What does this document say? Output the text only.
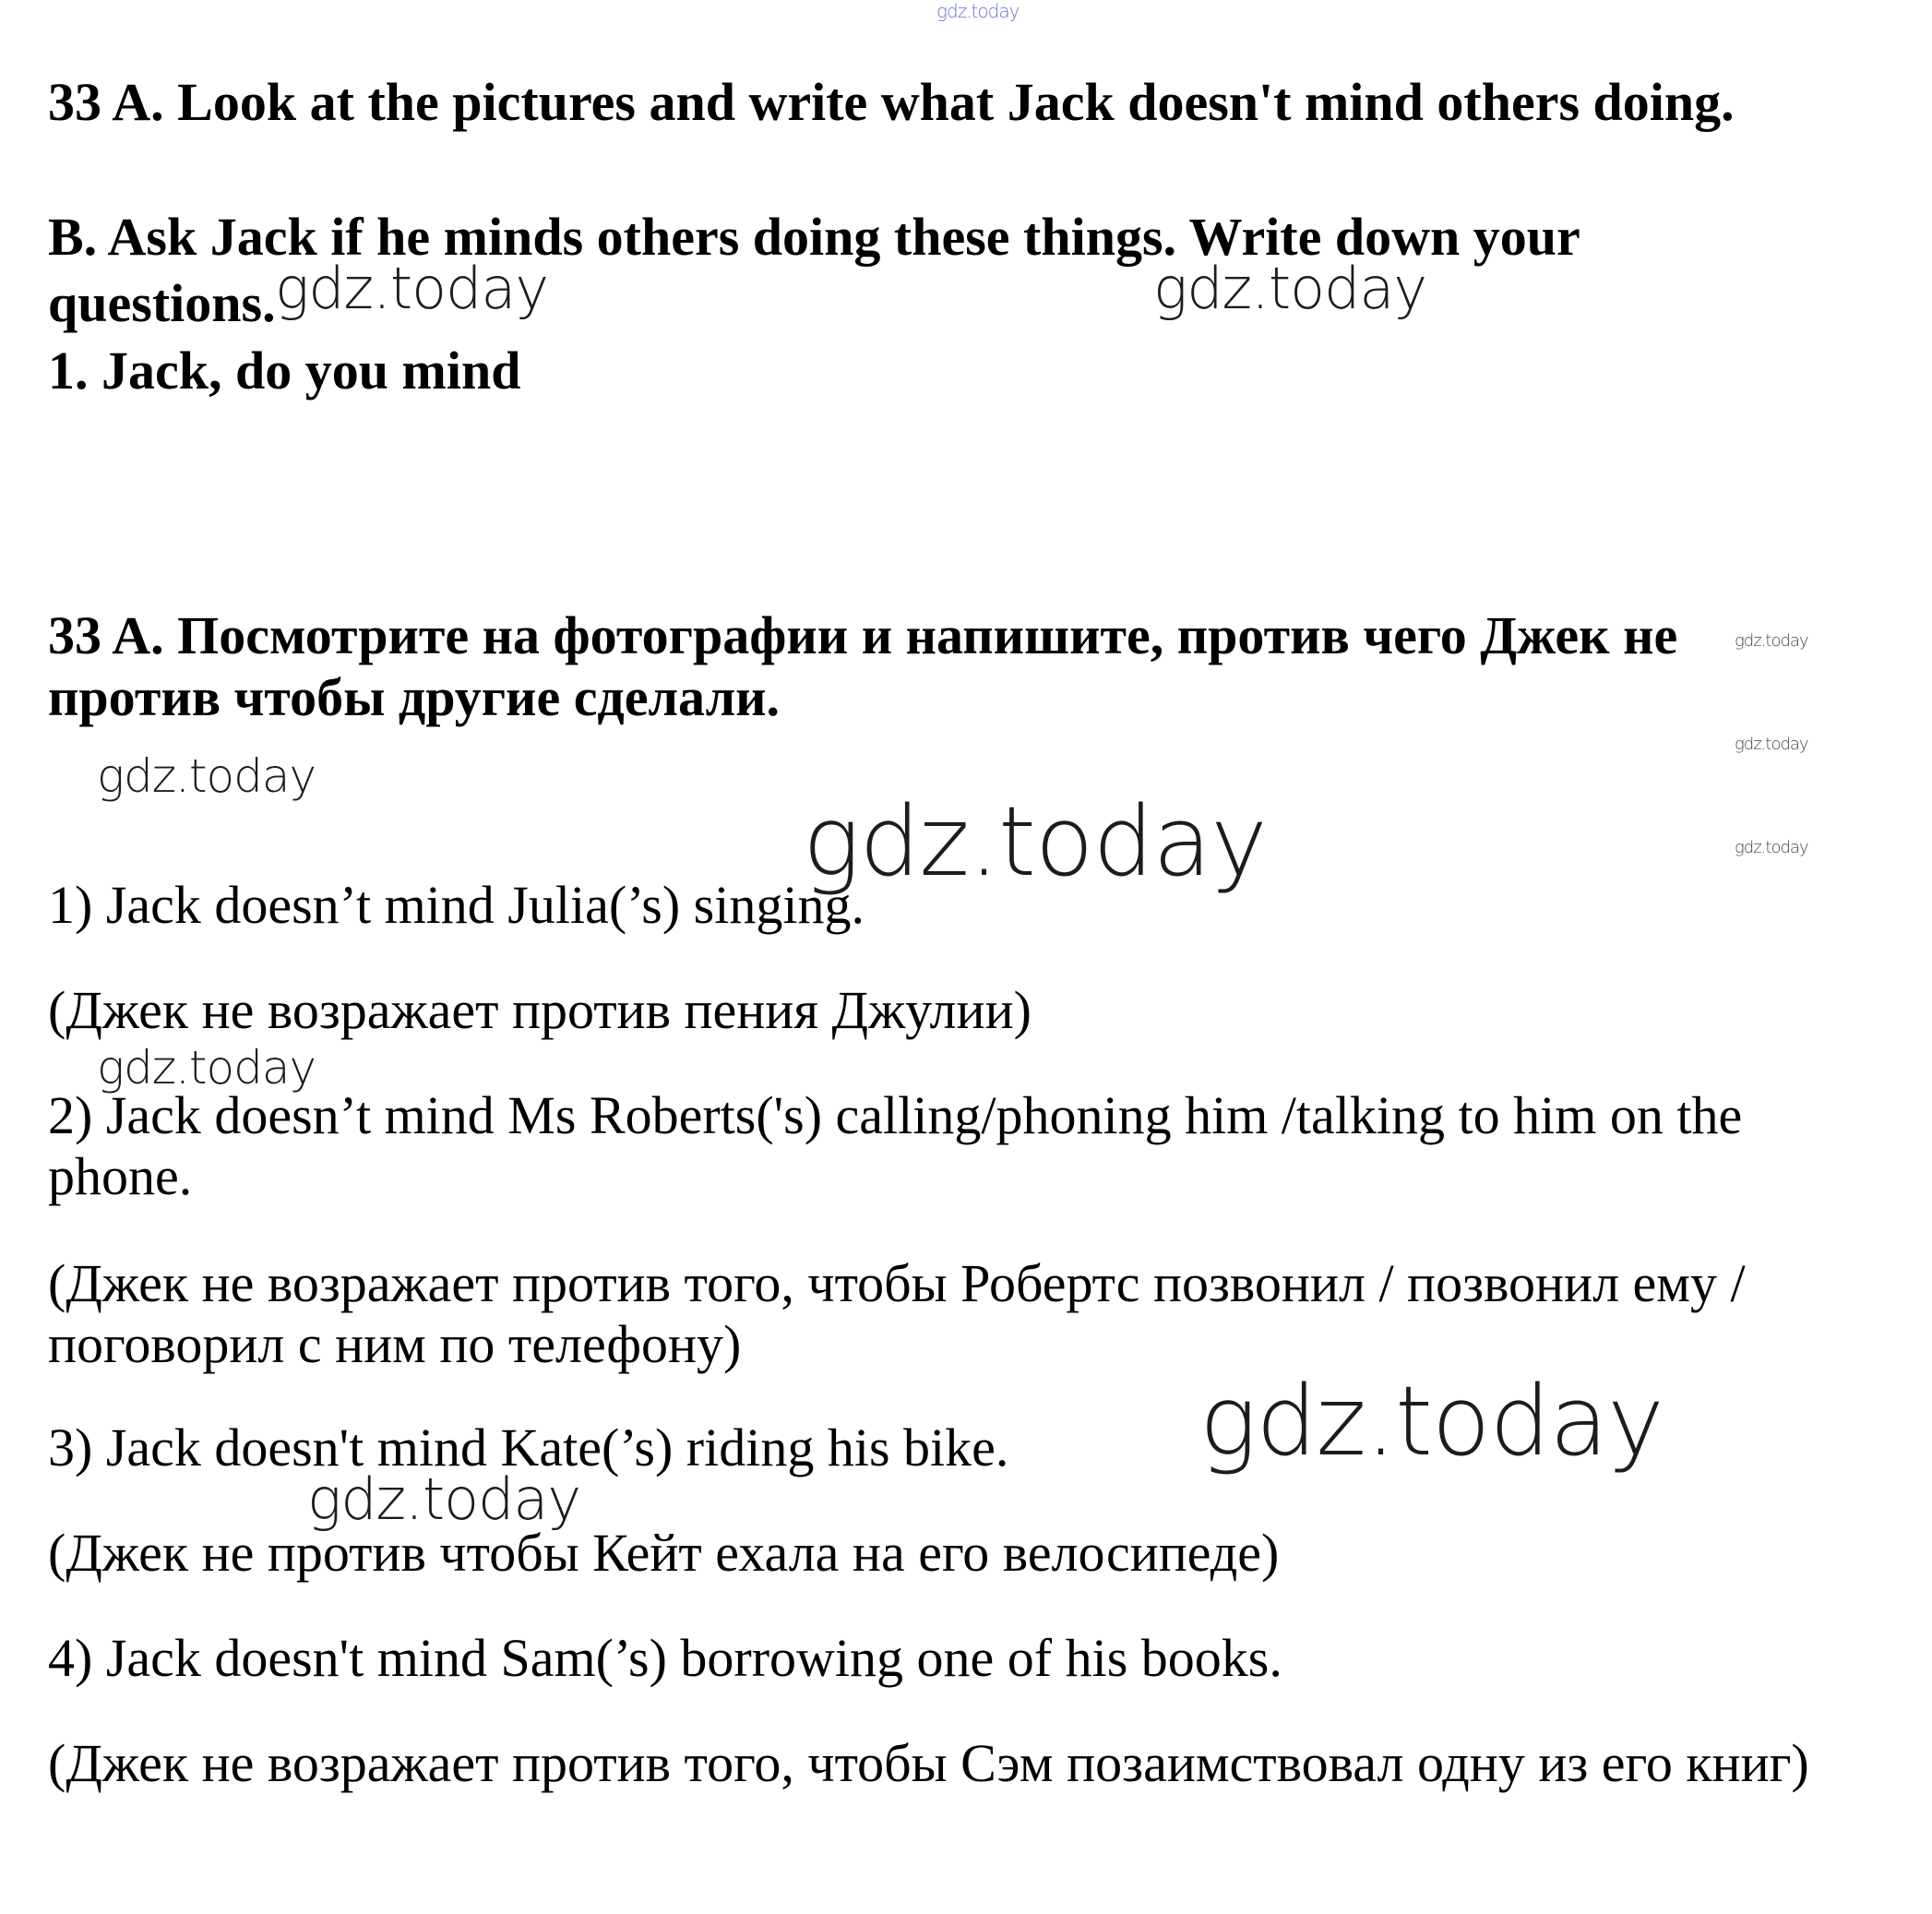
gdz.today

33 A. Look at the pictures and write what Jack doesn't mind others doing.

B. Ask Jack if he minds others doing these things. Write down your

questions.

1. Jack, do you mind

33 A. Посмотрите на фотографии и напишите, против чего Джек не

против чтобы другие сделали.

1) Jack doesn’t mind Julia(’s) singing.

(Джек не возражает против пения Джулии)

2) Jack doesn’t mind Ms Roberts('s) calling/phoning him /talking to him on the

phone.

(Джек не возражает против того, чтобы Робертс позвонил / позвонил ему /

поговорил с ним по телефону)

3) Jack doesn't mind Kate(’s) riding his bike.

(Джек не против чтобы Кейт ехала на его велосипеде)

4) Jack doesn't mind Sam(’s) borrowing one of his books.

(Джек не возражает против того, чтобы Сэм позаимствовал одну из его книг)

gdz.today	gdz.today
gdz.today
gdz.today
gdz.today
gdz.today
gdz.today
gdz.today
gdz.today
gdz.today
